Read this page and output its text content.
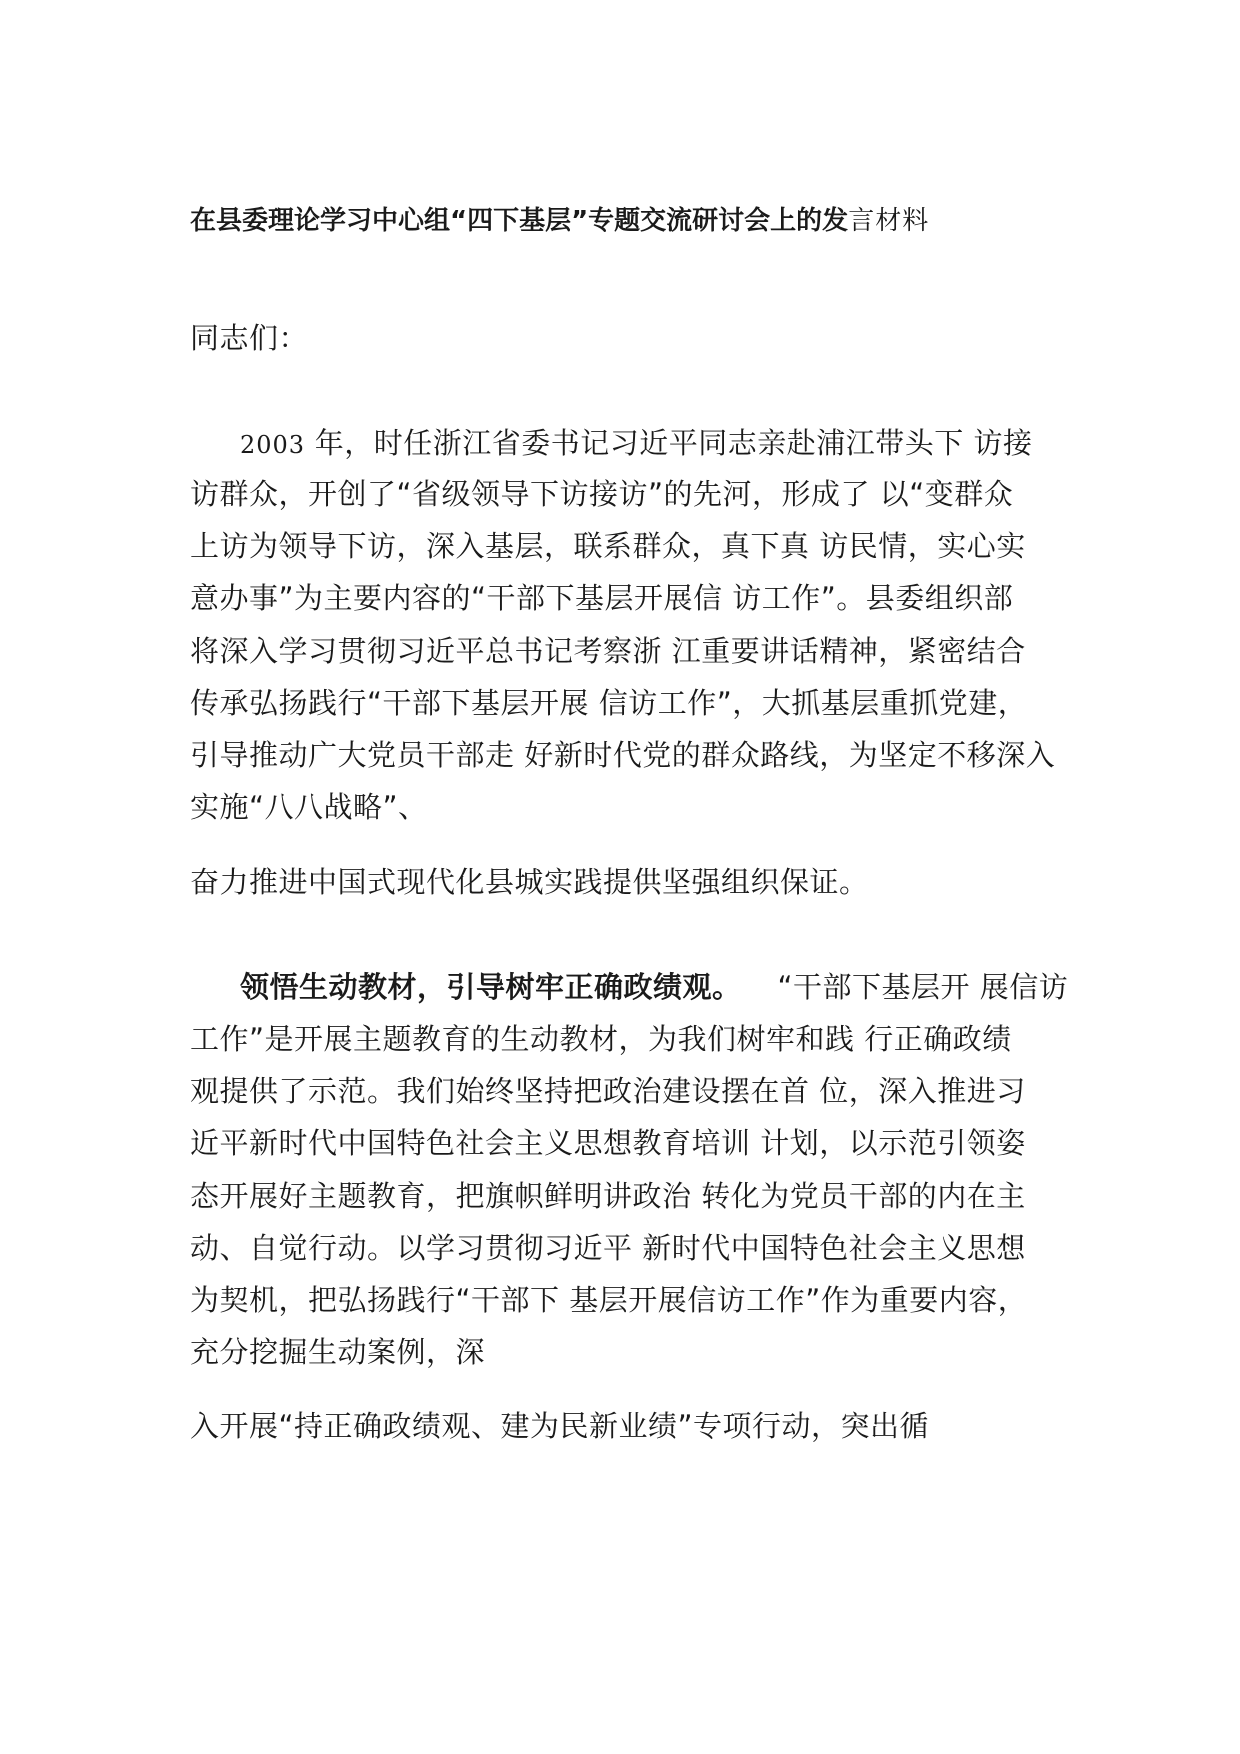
在县委理论学习中心组“四下基层”专题交流研讨会上的发言材料
同志们：
2003 年，时任浙江省委书记习近平同志亲赴浦江带头下 访接
访群众，开创了“省级领导下访接访”的先河，形成了 以“变群众
上访为领导下访，深入基层，联系群众，真下真 访民情，实心实
意办事”为主要内容的“干部下基层开展信 访工作”。县委组织部
将深入学习贯彻习近平总书记考察浙 江重要讲话精神，紧密结合
传承弘扬践行“干部下基层开展 信访工作”，大抓基层重抓党建，
引导推动广大党员干部走 好新时代党的群众路线，为坚定不移深入
实施“八八战略”、
奋力推进中国式现代化县城实践提供坚强组织保证。
领悟生动教材，引导树牢正确政绩观。 “干部下基层开 展信访
工作”是开展主题教育的生动教材，为我们树牢和践 行正确政绩
观提供了示范。我们始终坚持把政治建设摆在首 位，深入推进习
近平新时代中国特色社会主义思想教育培训 计划，以示范引领姿
态开展好主题教育，把旗帜鲜明讲政治 转化为党员干部的内在主
动、自觉行动。以学习贯彻习近平 新时代中国特色社会主义思想
为契机，把弘扬践行“干部下 基层开展信访工作”作为重要内容，
充分挖掘生动案例，深
入开展“持正确政绩观、建为民新业绩”专项行动，突出循
